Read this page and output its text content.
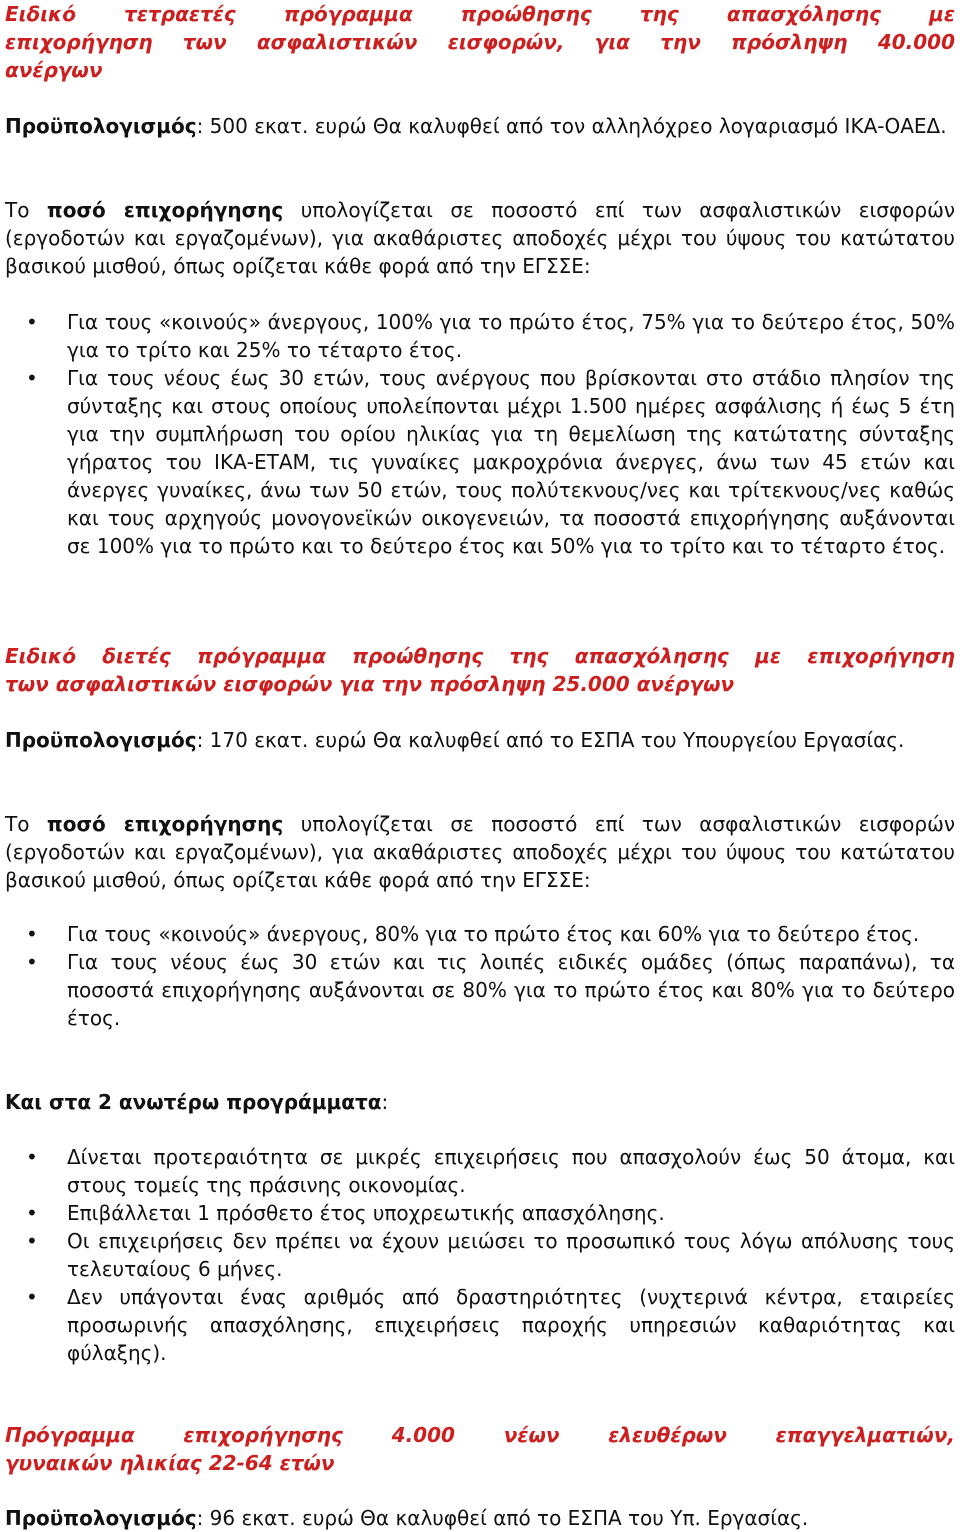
Ειδικό τετραετές πρόγραμμα προώθησης της απασχόλησης με
επιχορήγηση των ασφαλιστικών εισφορών, για την πρόσληψη 40.000
ανέργων

Προϋπολογισμός: 500 εκατ. ευρώ Θα καλυφθεί από τον αλληλόχρεο λογαριασμό ΙΚΑ-ΟΑΕΔ.

Το ποσό επιχορήγησης υπολογίζεται σε ποσοστό επί των ασφαλιστικών εισφορών (εργοδοτών και εργαζομένων), για ακαθάριστες αποδοχές μέχρι του ύψους του κατώτατου βασικού μισθού, όπως ορίζεται κάθε φορά από την ΕΓΣΣΕ:

• Για τους «κοινούς» άνεργους, 100% για το πρώτο έτος, 75% για το δεύτερο έτος, 50% για το τρίτο και 25% το τέταρτο έτος.
• Για τους νέους έως 30 ετών, τους ανέργους που βρίσκονται στο στάδιο πλησίον της σύνταξης και στους οποίους υπολείπονται μέχρι 1.500 ημέρες ασφάλισης ή έως 5 έτη για την συμπλήρωση του ορίου ηλικίας για τη θεμελίωση της κατώτατης σύνταξης γήρατος του ΙΚΑ-ΕΤΑΜ, τις γυναίκες μακροχρόνια άνεργες, άνω των 45 ετών και άνεργες γυναίκες, άνω των 50 ετών, τους πολύτεκνους/νες και τρίτεκνους/νες καθώς και τους αρχηγούς μονογονεϊκών οικογενειών, τα ποσοστά επιχορήγησης αυξάνονται σε 100% για το πρώτο και το δεύτερο έτος και 50% για το τρίτο και το τέταρτο έτος.

Ειδικό διετές πρόγραμμα προώθησης της απασχόλησης με επιχορήγηση
των ασφαλιστικών εισφορών για την πρόσληψη 25.000 ανέργων

Προϋπολογισμός: 170 εκατ. ευρώ Θα καλυφθεί από το ΕΣΠΑ του Υπουργείου Εργασίας.

Το ποσό επιχορήγησης υπολογίζεται σε ποσοστό επί των ασφαλιστικών εισφορών (εργοδοτών και εργαζομένων), για ακαθάριστες αποδοχές μέχρι του ύψους του κατώτατου βασικού μισθού, όπως ορίζεται κάθε φορά από την ΕΓΣΣΕ:

• Για τους «κοινούς» άνεργους, 80% για το πρώτο έτος και 60% για το δεύτερο έτος.
• Για τους νέους έως 30 ετών και τις λοιπές ειδικές ομάδες (όπως παραπάνω), τα ποσοστά επιχορήγησης αυξάνονται σε 80% για το πρώτο έτος και 80% για το δεύτερο έτος.

Και στα 2 ανωτέρω προγράμματα:

• Δίνεται προτεραιότητα σε μικρές επιχειρήσεις που απασχολούν έως 50 άτομα, και στους τομείς της πράσινης οικονομίας.
• Επιβάλλεται 1 πρόσθετο έτος υποχρεωτικής απασχόλησης.
• Οι επιχειρήσεις δεν πρέπει να έχουν μειώσει το προσωπικό τους λόγω απόλυσης τους τελευταίους 6 μήνες.
• Δεν υπάγονται ένας αριθμός από δραστηριότητες (νυχτερινά κέντρα, εταιρείες προσωρινής απασχόλησης, επιχειρήσεις παροχής υπηρεσιών καθαριότητας και φύλαξης).

Πρόγραμμα επιχορήγησης 4.000 νέων ελευθέρων επαγγελματιών,
γυναικών ηλικίας 22-64 ετών

Προϋπολογισμός: 96 εκατ. ευρώ Θα καλυφθεί από το ΕΣΠΑ του Υπ. Εργασίας.
